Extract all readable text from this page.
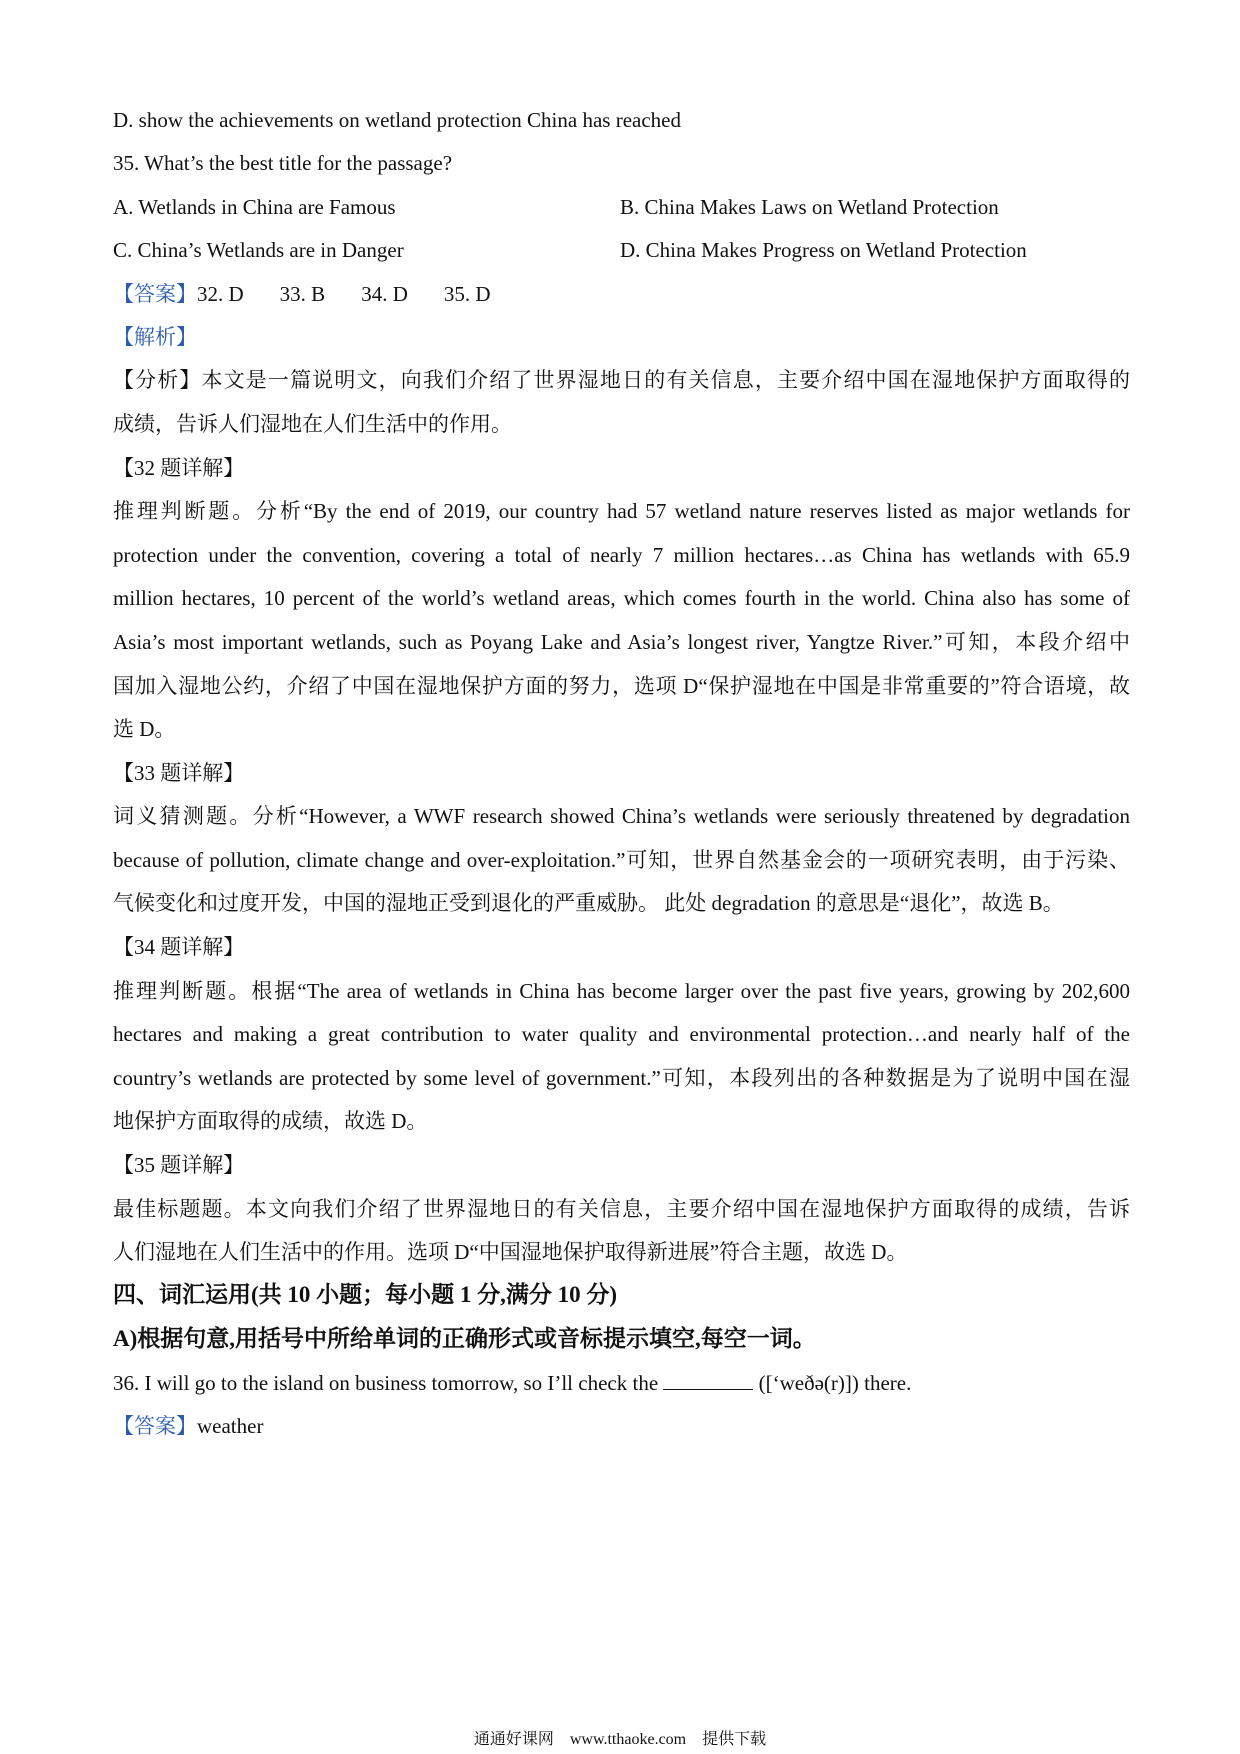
D. show the achievements on wetland protection China has reached
35. What’s the best title for the passage?
A. Wetlands in China are Famous	B. China Makes Laws on Wetland Protection
C. China’s Wetlands are in Danger	D. China Makes Progress on Wetland Protection
【答案】32. D 33. B 34. D 35. D
【解析】
【分析】本文是一篇说明文，向我们介绍了世界湿地日的有关信息，主要介绍中国在湿地保护方面取得的
成绩，告诉人们湿地在人们生活中的作用。
【32 题详解】
推理判断题。分析“By the end of 2019, our country had 57 wetland nature reserves listed as major wetlands for
protection under the convention, covering a total of nearly 7 million hectares…as China has wetlands with 65.9
million hectares, 10 percent of the world’s wetland areas, which comes fourth in the world. China also has some of
Asia’s most important wetlands, such as Poyang Lake and Asia’s longest river, Yangtze River.”可知，本段介绍中
国加入湿地公约，介绍了中国在湿地保护方面的努力，选项 D“保护湿地在中国是非常重要的”符合语境，故
选 D。
【33 题详解】
词义猜测题。分析“However, a WWF research showed China’s wetlands were seriously threatened by degradation
because of pollution, climate change and over-exploitation.”可知，世界自然基金会的一项研究表明，由于污染、
气候变化和过度开发，中国的湿地正受到退化的严重威胁。 此处 degradation 的意思是“退化”，故选 B。
【34 题详解】
推理判断题。根据“The area of wetlands in China has become larger over the past five years, growing by 202,600
hectares and making a great contribution to water quality and environmental protection…and nearly half of the
country’s wetlands are protected by some level of government.”可知，本段列出的各种数据是为了说明中国在湿
地保护方面取得的成绩，故选 D。
【35 题详解】
最佳标题题。本文向我们介绍了世界湿地日的有关信息，主要介绍中国在湿地保护方面取得的成绩，告诉
人们湿地在人们生活中的作用。选项 D“中国湿地保护取得新进展”符合主题，故选 D。
四、词汇运用(共 10 小题；每小题 1 分,满分 10 分)
A)根据句意,用括号中所给单词的正确形式或音标提示填空,每空一词。
36. I will go to the island on business tomorrow, so I’ll check the	([‘weðə(r)]) there.
【答案】weather
通通好课网 www.tthaoke.com 提供下载
